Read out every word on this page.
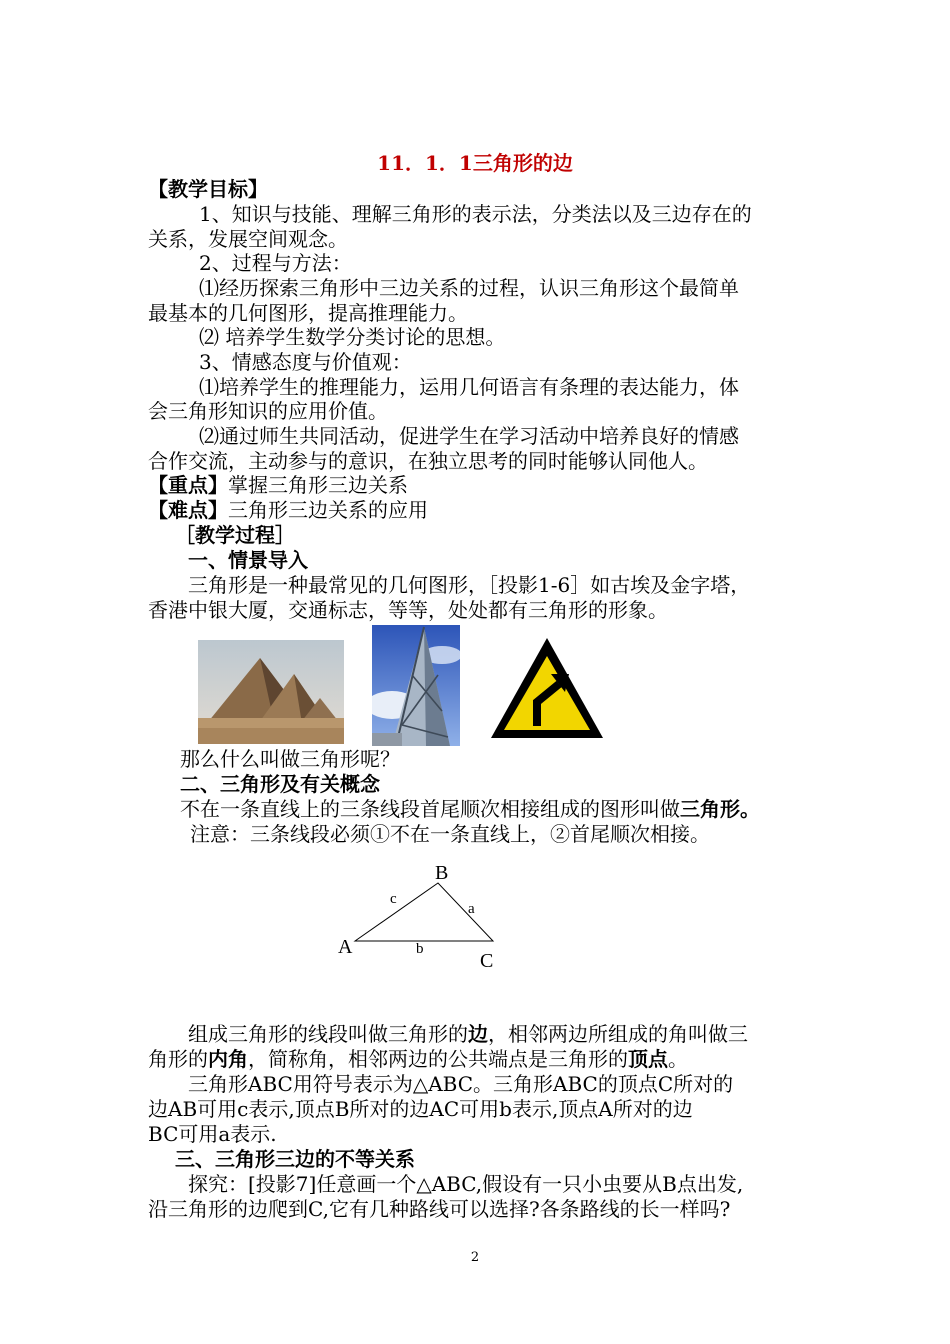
11．1．1三角形的边
【教学目标】
1、知识与技能、理解三角形的表示法，分类法以及三边存在的
关系，发展空间观念。
2、过程与方法：
⑴经历探索三角形中三边关系的过程，认识三角形这个最简单
最基本的几何图形，提高推理能力。
⑵ 培养学生数学分类讨论的思想。
3、情感态度与价值观：
⑴培养学生的推理能力，运用几何语言有条理的表达能力，体
会三角形知识的应用价值。
⑵通过师生共同活动，促进学生在学习活动中培养良好的情感
合作交流，主动参与的意识，在独立思考的同时能够认同他人。
【重点】掌握三角形三边关系
【难点】三角形三边关系的应用
［教学过程］
一、情景导入
三角形是一种最常见的几何图形，［投影1-6］如古埃及金字塔，
香港中银大厦，交通标志，等等，处处都有三角形的形象。
那么什么叫做三角形呢？
二、三角形及有关概念
不在一条直线上的三条线段首尾顺次相接组成的图形叫做三角形。
注意：三条线段必须①不在一条直线上，②首尾顺次相接。
B
A
C
c
a
b
组成三角形的线段叫做三角形的边，相邻两边所组成的角叫做三
角形的内角，简称角，相邻两边的公共端点是三角形的顶点。
三角形ABC用符号表示为△ABC。三角形ABC的顶点C所对的
边AB可用c表示,顶点B所对的边AC可用b表示,顶点A所对的边
BC可用a表示.
三、三角形三边的不等关系
探究：[投影7]任意画一个△ABC,假设有一只小虫要从B点出发,
沿三角形的边爬到C,它有几种路线可以选择?各条路线的长一样吗?
2
